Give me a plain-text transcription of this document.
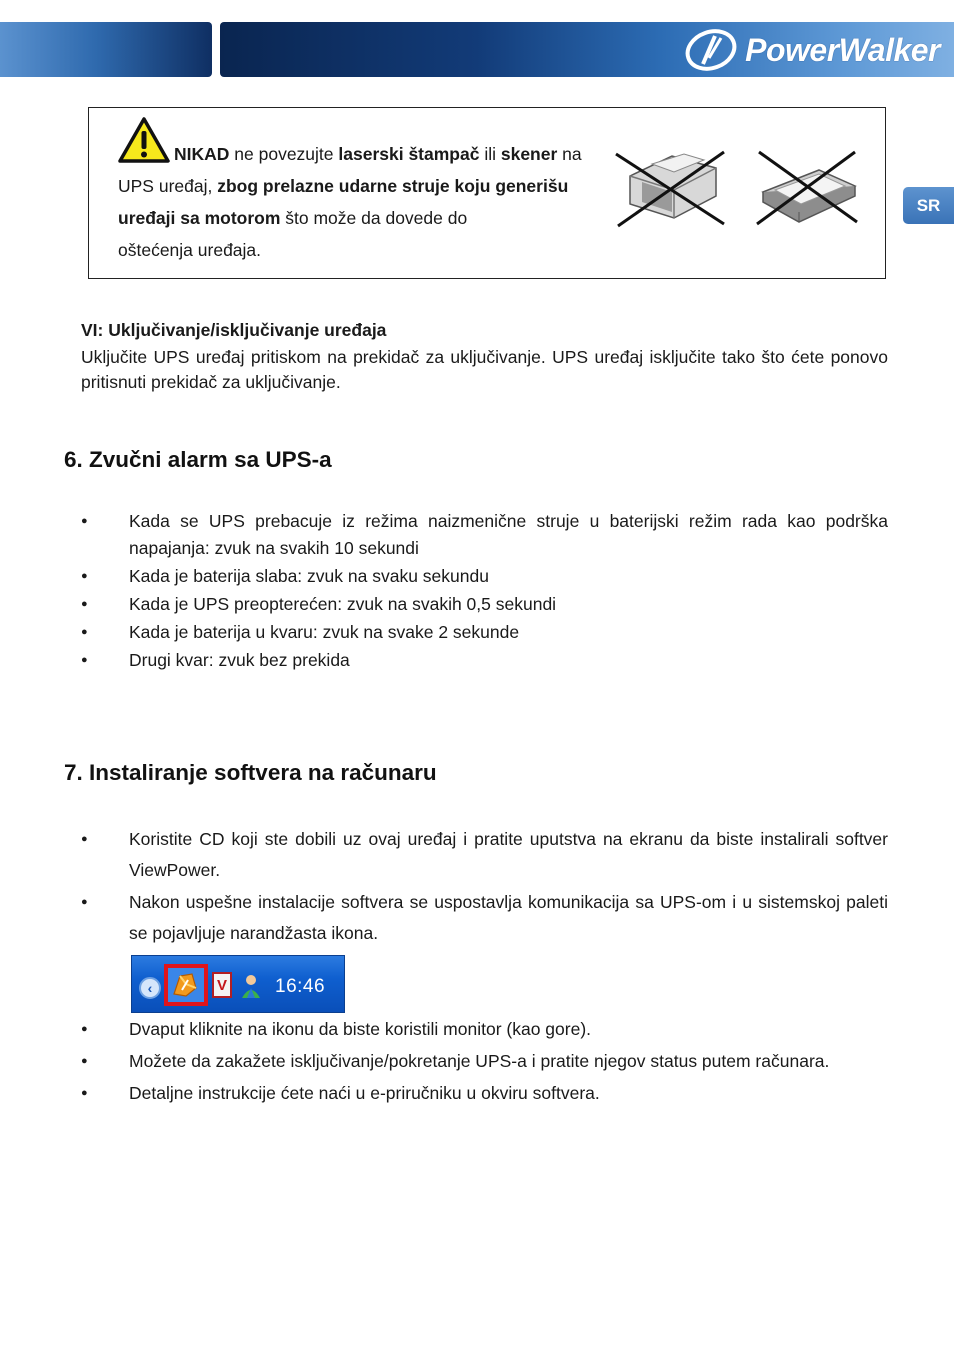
PowerWalker
SR
NIKAD ne povezujte laserski štampač ili skener na
UPS uređaj, zbog prelazne udarne struje koju generišu
uređaji sa motorom što može da dovede do
oštećenja uređaja.
VI: Uključivanje/isključivanje uređaja
Uključite UPS uređaj pritiskom na prekidač za uključivanje. UPS uređaj isključite tako što ćete ponovo pritisnuti prekidač za uključivanje.
6. Zvučni alarm sa UPS-a
● Kada se UPS prebacuje iz režima naizmenične struje u baterijski režim rada kao podrška napajanja: zvuk na svakih 10 sekundi
● Kada je baterija slaba: zvuk na svaku sekundu
● Kada je UPS preopterećen: zvuk na svakih 0,5 sekundi
● Kada je baterija u kvaru: zvuk na svake 2 sekunde
● Drugi kvar: zvuk bez prekida
7. Instaliranje softvera na računaru
● Koristite CD koji ste dobili uz ovaj uređaj i pratite uputstva na ekranu da biste instalirali softver ViewPower.
● Nakon uspešne instalacije softvera se uspostavlja komunikacija sa UPS-om i u sistemskoj paleti se pojavljuje narandžasta ikona.
‹	V	16:46
● Dvaput kliknite na ikonu da biste koristili monitor (kao gore).
● Možete da zakažete isključivanje/pokretanje UPS-a i pratite njegov status putem računara.
● Detaljne instrukcije ćete naći u e-priručniku u okviru softvera.
